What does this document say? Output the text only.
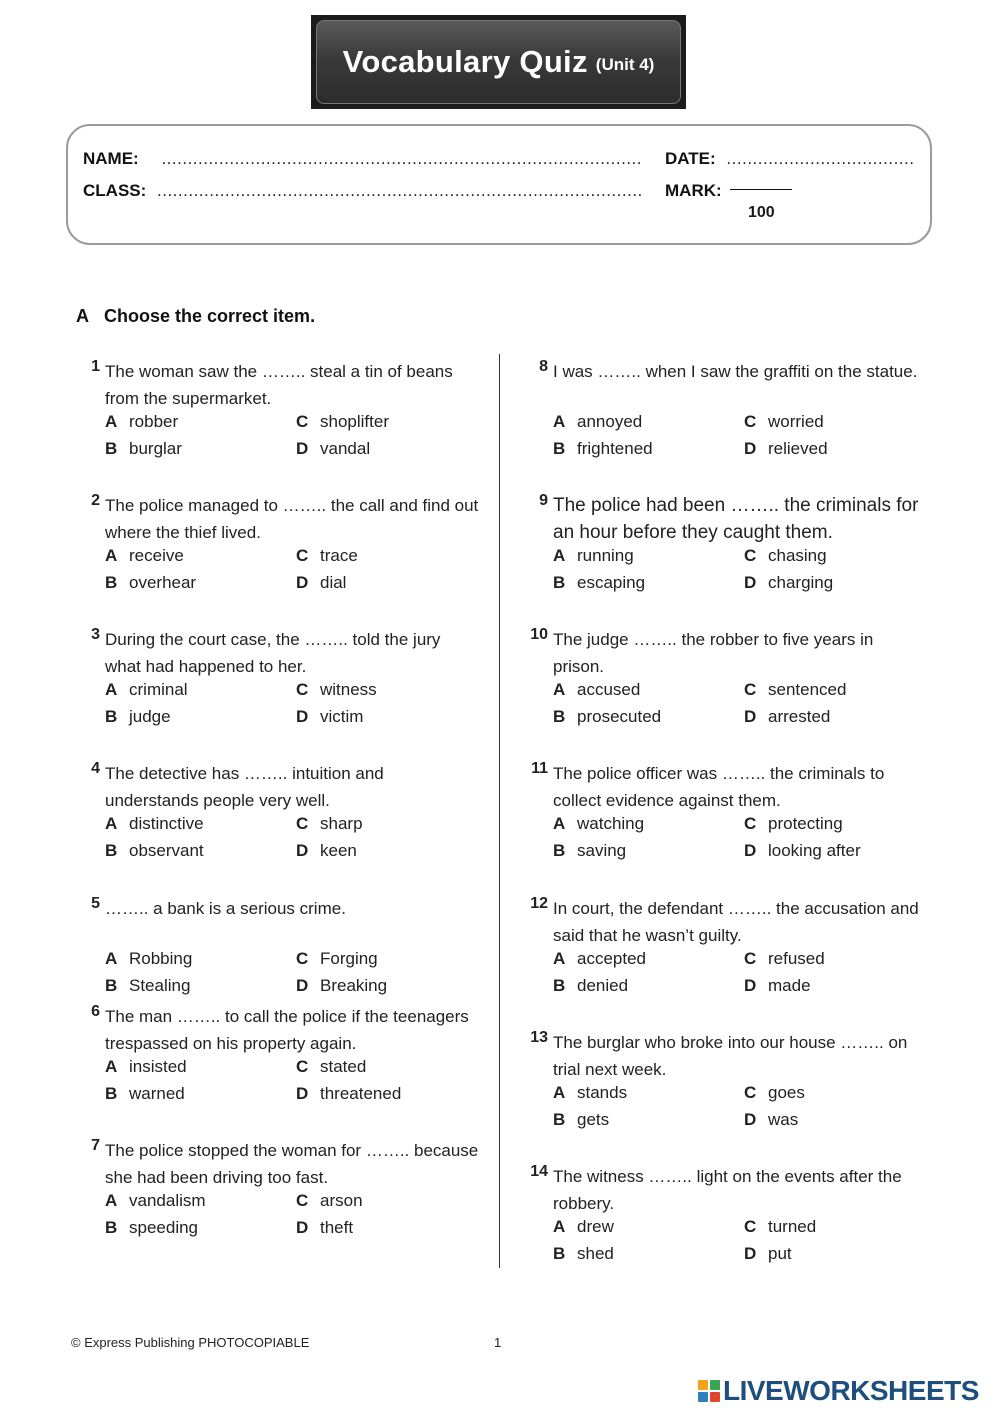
Vocabulary Quiz (Unit 4)
NAME: ............................................................................................	DATE: ....................................
CLASS: .............................................................................................	MARK:
100
A Choose the correct item.
1 The woman saw the …….. steal a tin of beans from the supermarket.
A robber
B burglar
C shoplifter
D vandal
2 The police managed to …….. the call and find out where the thief lived.
A receive
B overhear
C trace
D dial
3 During the court case, the …….. told the jury what had happened to her.
A criminal
B judge
C witness
D victim
4 The detective has …….. intuition and understands people very well.
A distinctive
B observant
C sharp
D keen
5 …….. a bank is a serious crime.
A Robbing
B Stealing
C Forging
D Breaking
6 The man …….. to call the police if the teenagers trespassed on his property again.
A insisted
B warned
C stated
D threatened
7 The police stopped the woman for …….. because she had been driving too fast.
A vandalism
B speeding
C arson
D theft
8 I was …….. when I saw the graffiti on the statue.
A annoyed
B frightened
C worried
D relieved
9 The police had been …….. the criminals for an hour before they caught them.
A running
B escaping
C chasing
D charging
10 The judge …….. the robber to five years in prison.
A accused
B prosecuted
C sentenced
D arrested
11 The police officer was …….. the criminals to collect evidence against them.
A watching
B saving
C protecting
D looking after
12 In court, the defendant …….. the accusation and said that he wasn’t guilty.
A accepted
B denied
C refused
D made
13 The burglar who broke into our house …….. on trial next week.
A stands
B gets
C goes
D was
14 The witness …….. light on the events after the robbery.
A drew
B shed
C turned
D put
© Express Publishing PHOTOCOPIABLE	1
LIVEWORKSHEETS
